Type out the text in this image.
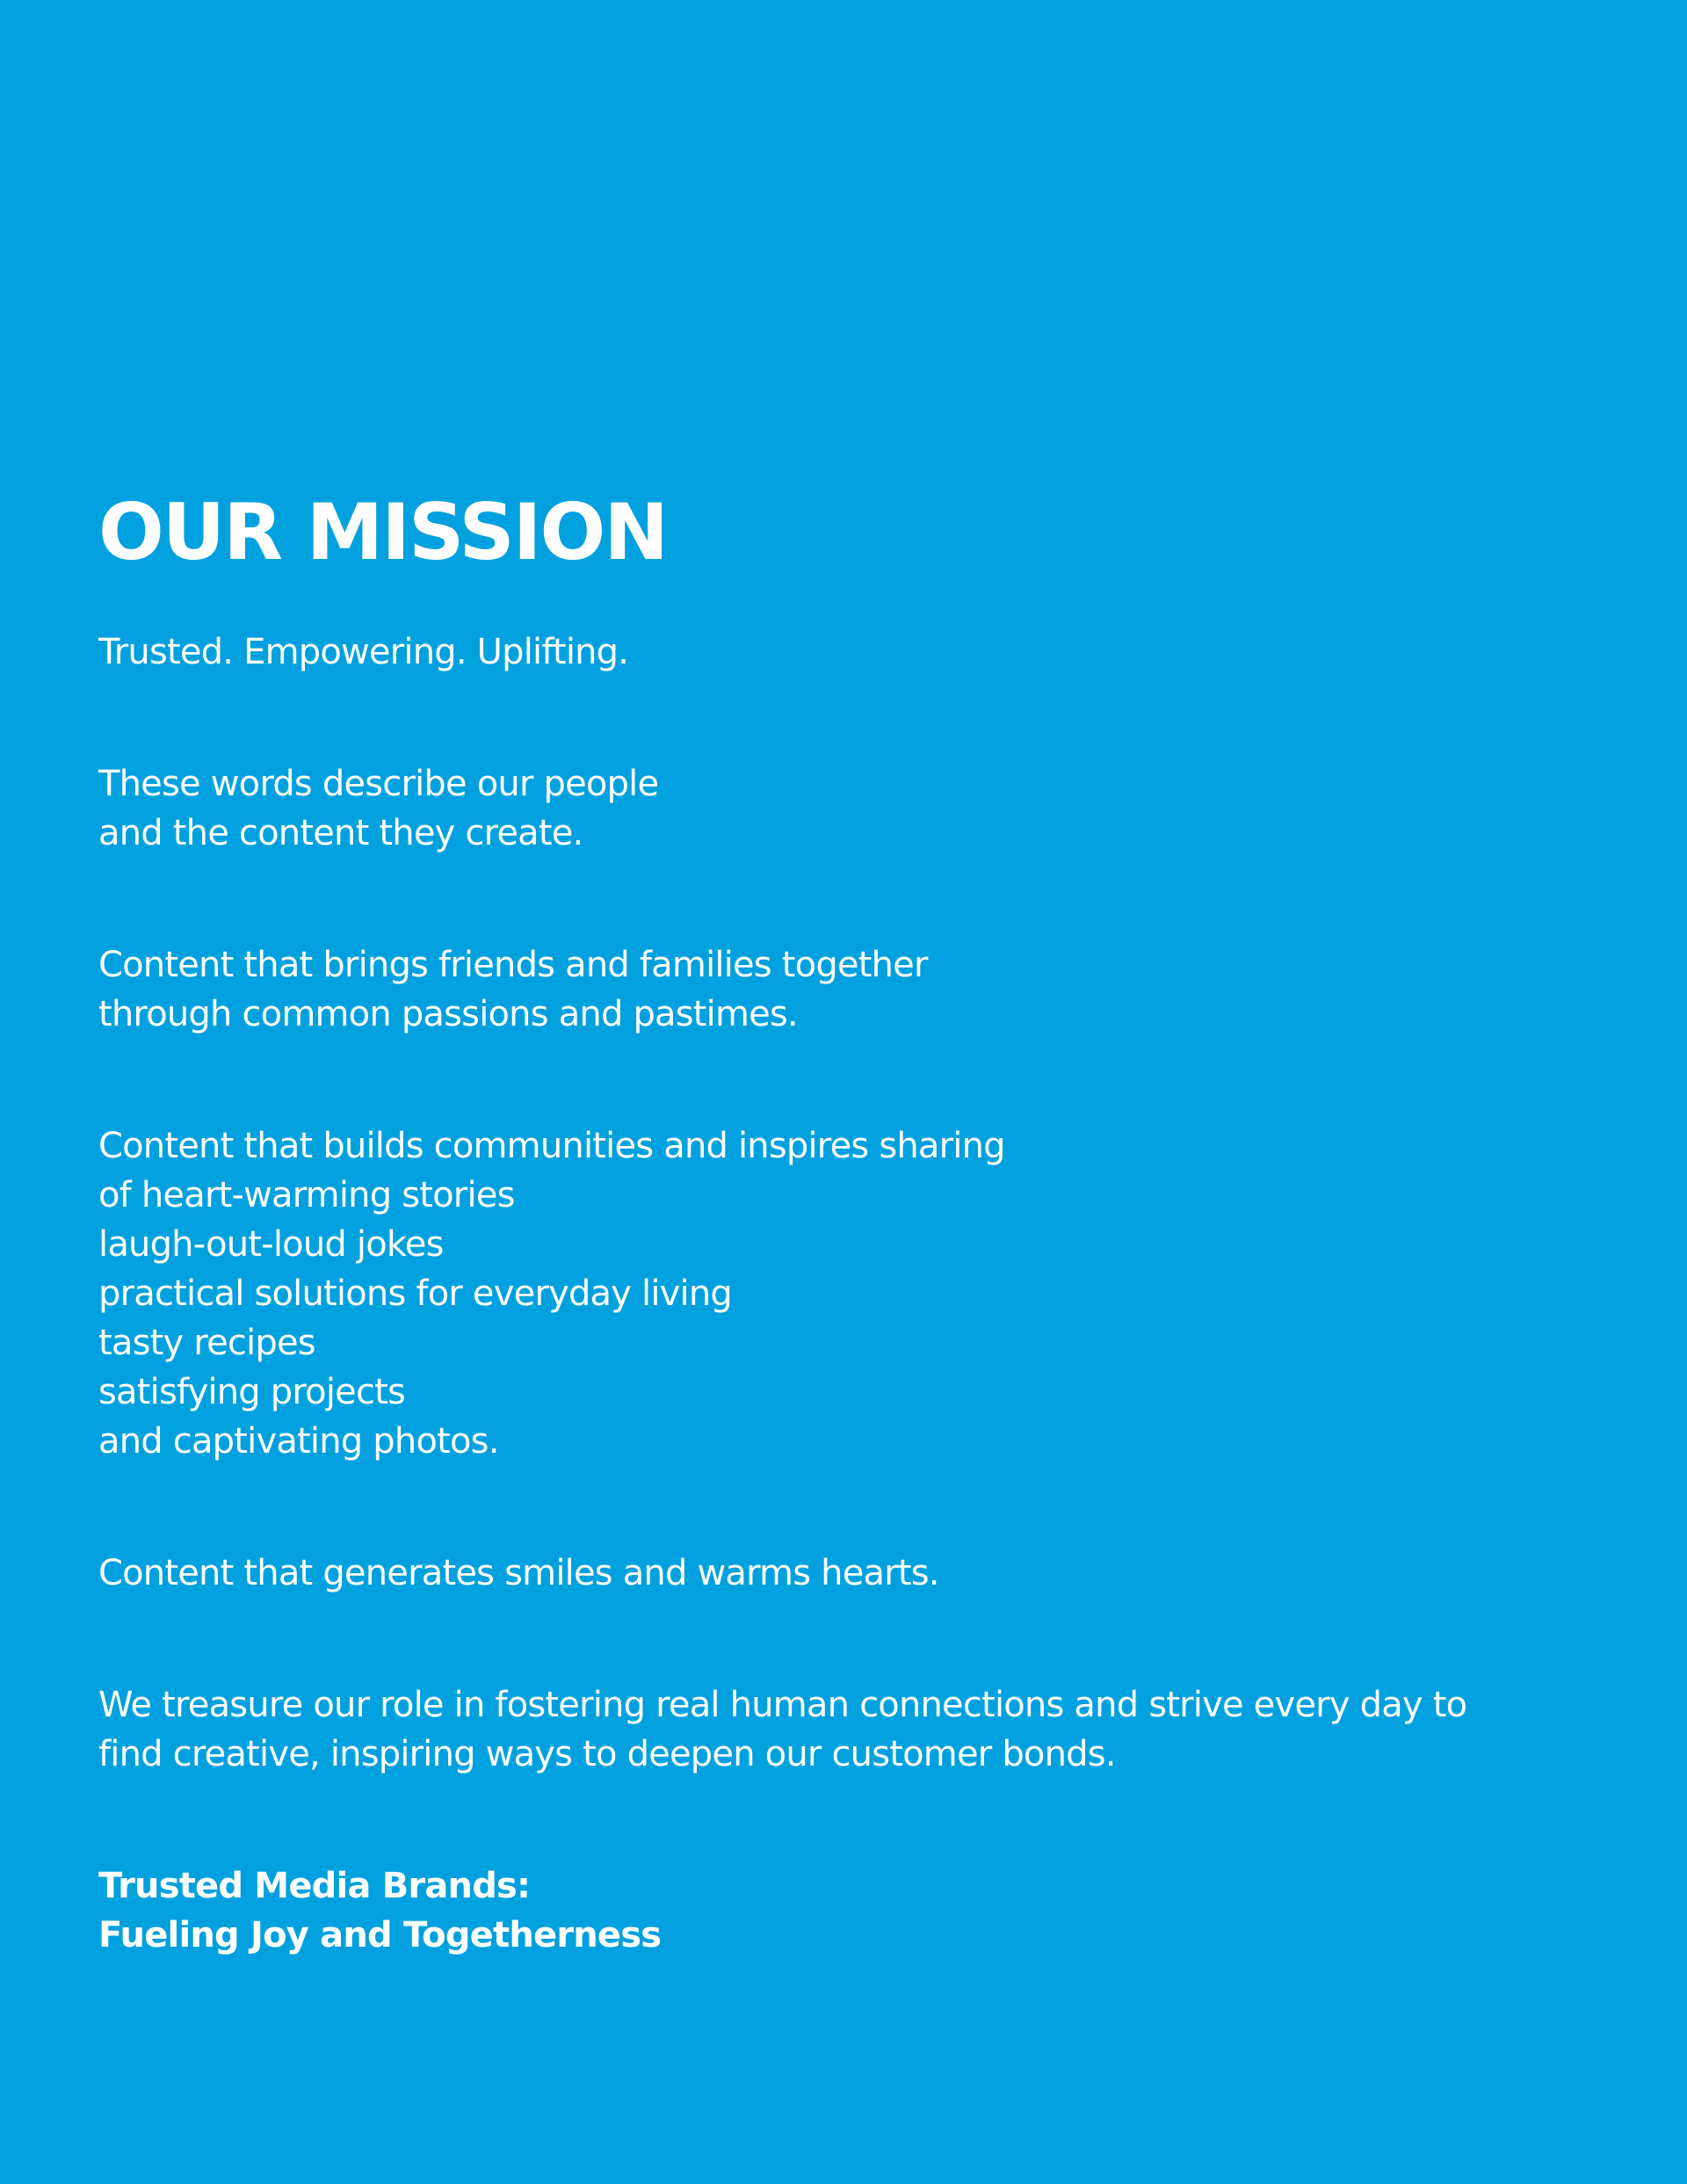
OUR MISSION

Trusted. Empowering. Uplifting.

These words describe our people
and the content they create.

Content that brings friends and families together
through common passions and pastimes.

Content that builds communities and inspires sharing
of heart-warming stories
laugh-out-loud jokes
practical solutions for everyday living
tasty recipes
satisfying projects
and captivating photos.

Content that generates smiles and warms hearts.

We treasure our role in fostering real human connections and strive every day to
find creative, inspiring ways to deepen our customer bonds.

Trusted Media Brands:
Fueling Joy and Togetherness
